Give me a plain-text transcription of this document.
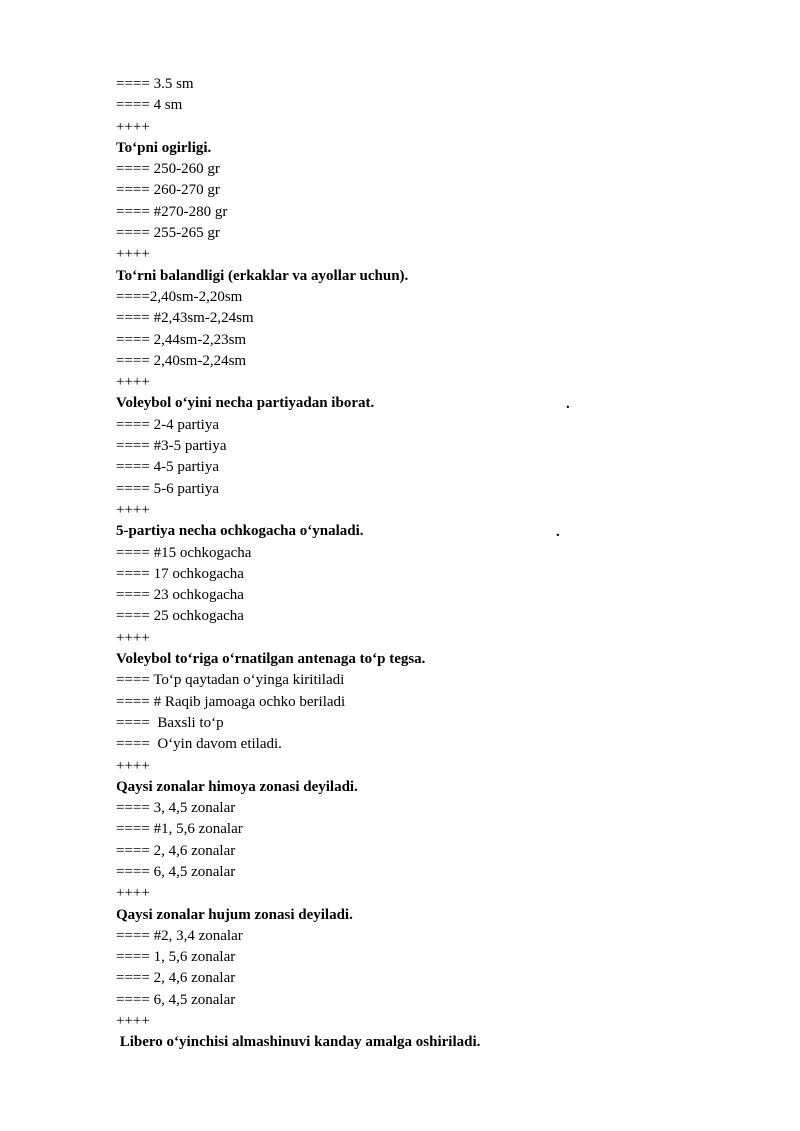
==== 3.5 sm
==== 4 sm
++++
To‘pni ogirligi.
==== 250-260 gr
==== 260-270 gr
==== #270-280 gr
==== 255-265 gr
++++
To‘rni balandligi (erkaklar va ayollar uchun).
====2,40sm-2,20sm
==== #2,43sm-2,24sm
==== 2,44sm-2,23sm
==== 2,40sm-2,24sm
++++
Voleybol o‘yini necha partiyadan iborat.
==== 2-4 partiya
==== #3-5 partiya
==== 4-5 partiya
==== 5-6 partiya
++++
5-partiya necha ochkogacha o‘ynaladi.
==== #15 ochkogacha
==== 17 ochkogacha
==== 23 ochkogacha
==== 25 ochkogacha
++++
Voleybol to‘riga o‘rnatilgan antenaga to‘p tegsa.
==== To‘p qaytadan o‘yinga kiritiladi
==== # Raqib jamoaga ochko beriladi
====  Baxsli to‘p
====  O‘yin davom etiladi.
++++
Qaysi zonalar himoya zonasi deyiladi.
==== 3, 4,5 zonalar
==== #1, 5,6 zonalar
==== 2, 4,6 zonalar
==== 6, 4,5 zonalar
++++
Qaysi zonalar hujum zonasi deyiladi.
==== #2, 3,4 zonalar
==== 1, 5,6 zonalar
==== 2, 4,6 zonalar
==== 6, 4,5 zonalar
++++
Libero o‘yinchisi almashinuvi kanday amalga oshiriladi.
.
.
